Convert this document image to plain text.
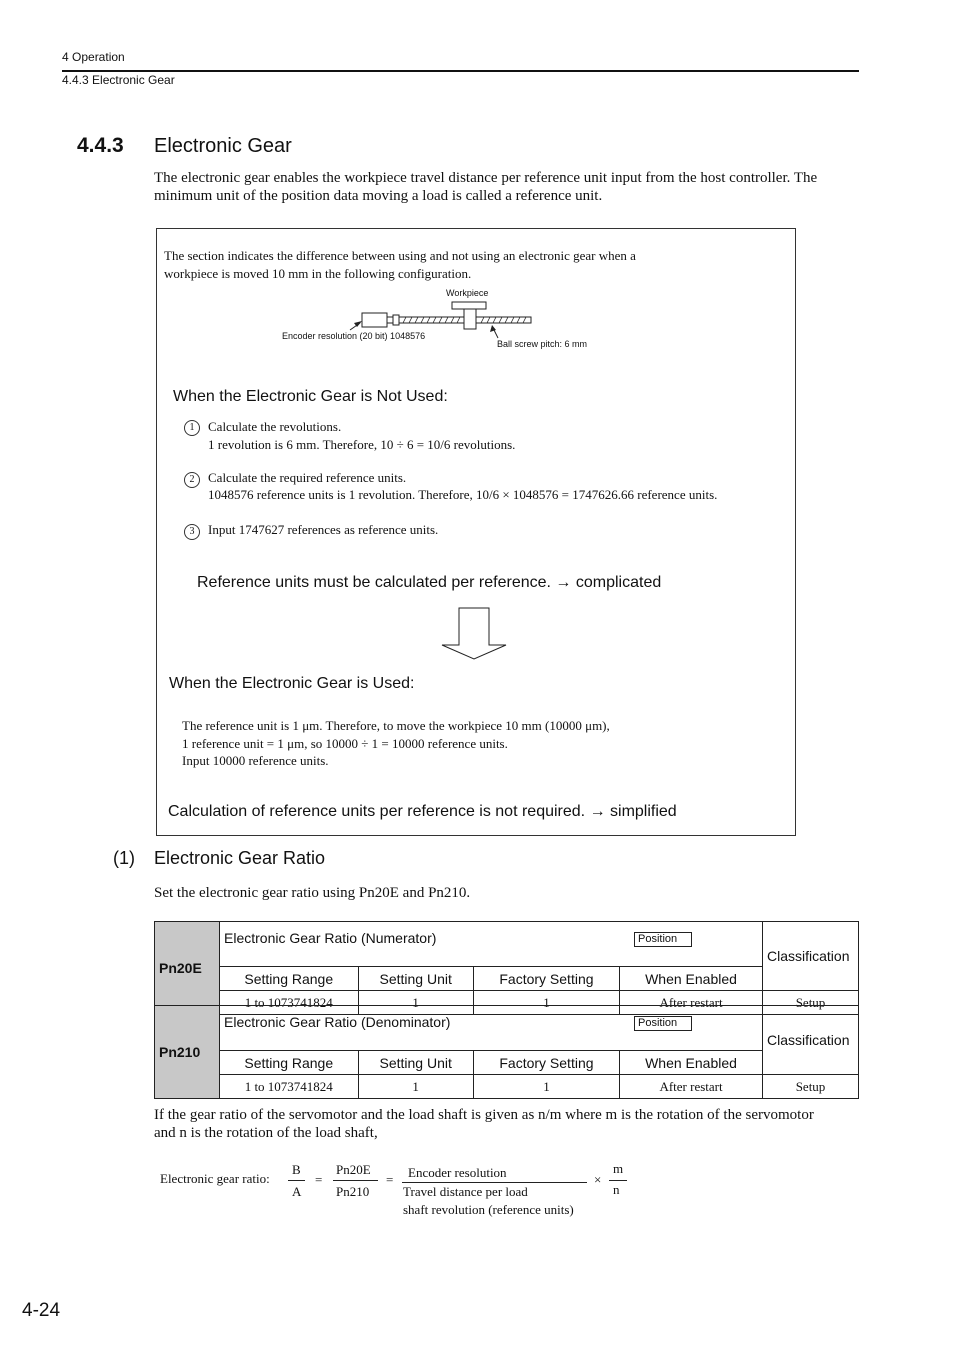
4 Operation
4.4.3 Electronic Gear
4.4.3 Electronic Gear
The electronic gear enables the workpiece travel distance per reference unit input from the host controller. The
minimum unit of the position data moving a load is called a reference unit.
The section indicates the difference between using and not using an electronic gear when a
workpiece is moved 10 mm in the following configuration.
Workpiece
Encoder resolution (20 bit) 1048576
Ball screw pitch: 6 mm
When the Electronic Gear is Not Used:
1	Calculate the revolutions.
1 revolution is 6 mm. Therefore, 10 ÷ 6 = 10/6 revolutions.
2	Calculate the required reference units.
1048576 reference units is 1 revolution. Therefore, 10/6 × 1048576 = 1747626.66 reference units.
3	Input 1747627 references as reference units.
Reference units must be calculated per reference. → complicated
When the Electronic Gear is Used:
The reference unit is 1 μm. Therefore, to move the workpiece 10 mm (10000 μm),
1 reference unit = 1 μm, so 10000 ÷ 1 = 10000 reference units.
Input 10000 reference units.
Calculation of reference units per reference is not required. → simplified
(1) Electronic Gear Ratio
Set the electronic gear ratio using Pn20E and Pn210.
Pn20E	Electronic Gear Ratio (Numerator) Position				Classification
	Setting Range	Setting Unit	Factory Setting	When Enabled	
	1 to 1073741824	1	1	After restart	Setup
Pn210	Electronic Gear Ratio (Denominator) Position				Classification
	Setting Range	Setting Unit	Factory Setting	When Enabled	
	1 to 1073741824	1	1	After restart	Setup
If the gear ratio of the servomotor and the load shaft is given as n/m where m is the rotation of the servomotor
and n is the rotation of the load shaft,
Electronic gear ratio:
B
A
=
Pn20E
Pn210
= Encoder resolution
Travel distance per load
shaft revolution (reference units)
×
m
n
4-24
